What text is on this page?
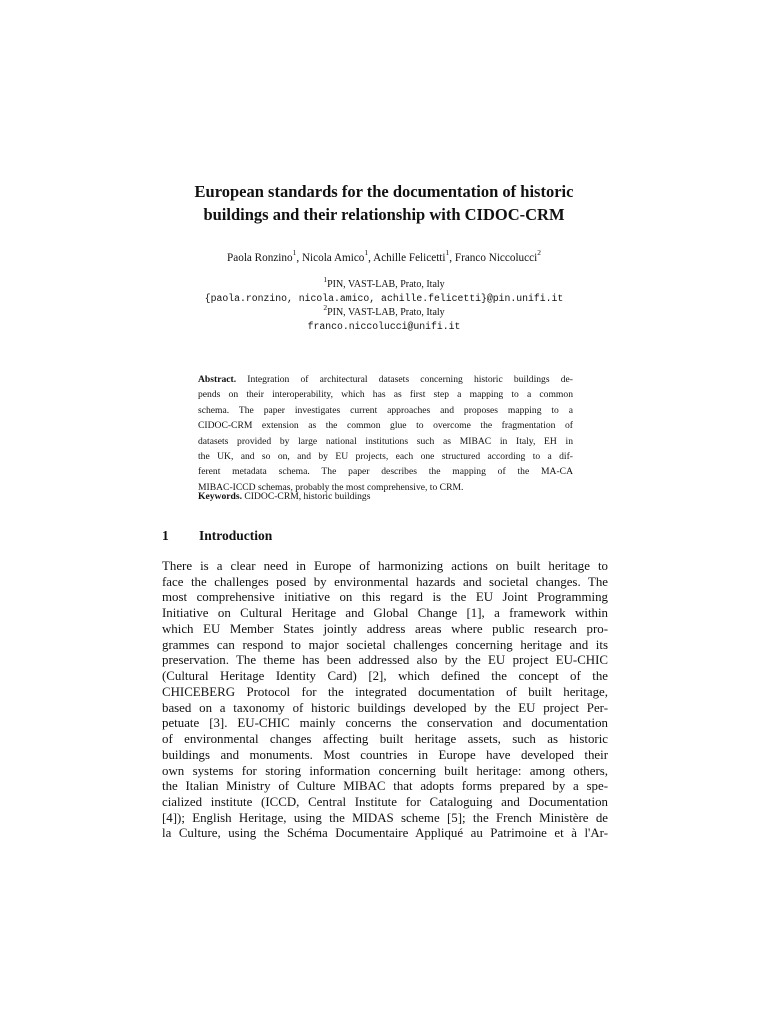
European standards for the documentation of historic
buildings and their relationship with CIDOC-CRM
Paola Ronzino$^1$, Nicola Amico$^1$, Achille Felicetti$^1$, Franco Niccolucci$^2$
$^1$PIN, VAST-LAB, Prato, Italy
{paola.ronzino, nicola.amico, achille.felicetti}@pin.unifi.it
$^2$PIN, VAST-LAB, Prato, Italy
franco.niccolucci@unifi.it
Abstract. Integration of architectural datasets concerning historic buildings de-
pends on their interoperability, which has as first step a mapping to a common
schema. The paper investigates current approaches and proposes mapping to a
CIDOC-CRM extension as the common glue to overcome the fragmentation of
datasets provided by large national institutions such as MIBAC in Italy, EH in
the UK, and so on, and by EU projects, each one structured according to a dif-
ferent metadata schema. The paper describes the mapping of the MA-CA
MIBAC-ICCD schemas, probably the most comprehensive, to CRM.
Keywords. CIDOC-CRM, historic buildings
1 Introduction
There is a clear need in Europe of harmonizing actions on built heritage to
face the challenges posed by environmental hazards and societal changes. The
most comprehensive initiative on this regard is the EU Joint Programming
Initiative on Cultural Heritage and Global Change [1], a framework within
which EU Member States jointly address areas where public research pro-
grammes can respond to major societal challenges concerning heritage and its
preservation. The theme has been addressed also by the EU project EU-CHIC
(Cultural Heritage Identity Card) [2], which defined the concept of the
CHICEBERG Protocol for the integrated documentation of built heritage,
based on a taxonomy of historic buildings developed by the EU project Per-
petuate [3]. EU-CHIC mainly concerns the conservation and documentation
of environmental changes affecting built heritage assets, such as historic
buildings and monuments. Most countries in Europe have developed their
own systems for storing information concerning built heritage: among others,
the Italian Ministry of Culture MIBAC that adopts forms prepared by a spe-
cialized institute (ICCD, Central Institute for Cataloguing and Documentation
[4]); English Heritage, using the MIDAS scheme [5]; the French Ministère de
la Culture, using the Schéma Documentaire Appliqué au Patrimoine et à l'Ar-
